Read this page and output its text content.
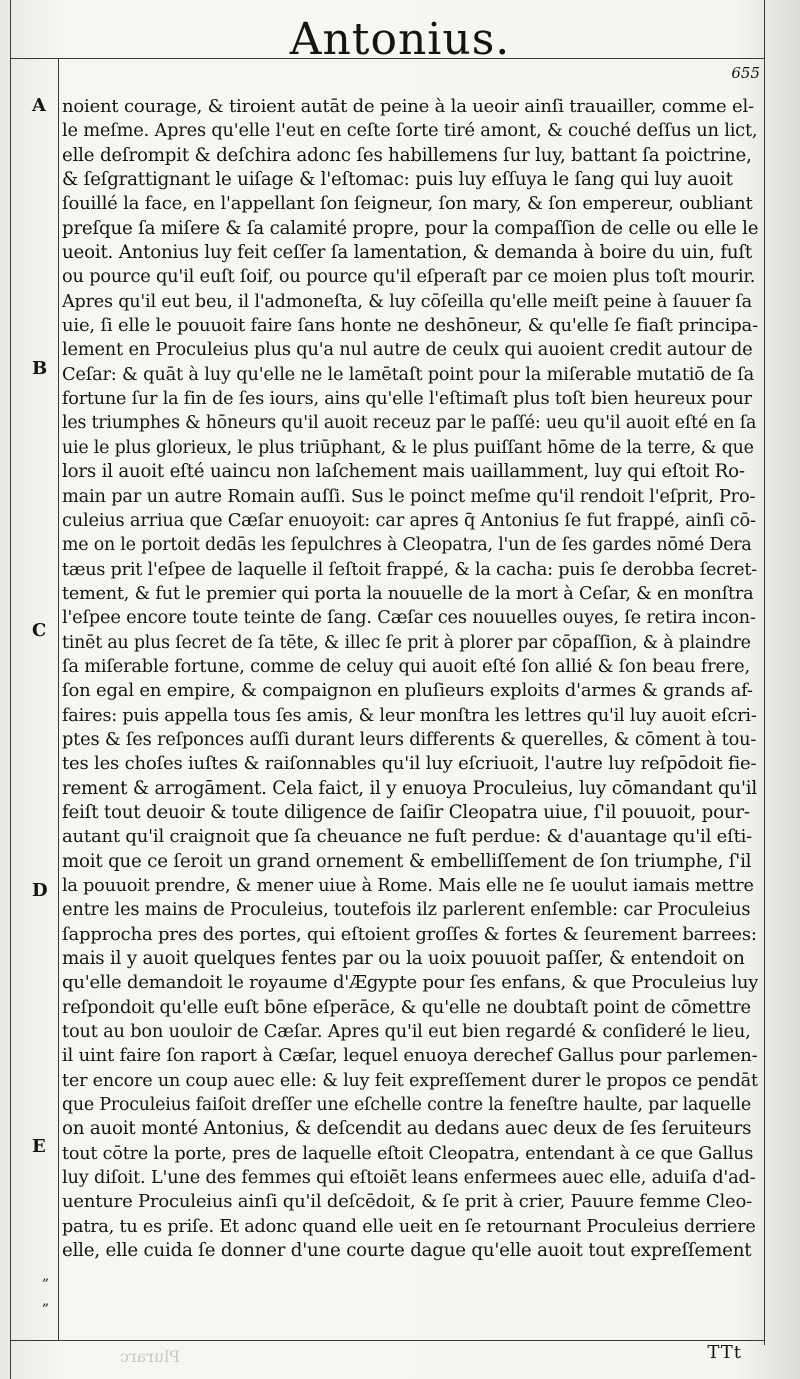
Antonius.
655
A
B
C
D
E
„
„
noient courage, & tiroient autāt de peine à la ueoir ainſi trauailler, comme el-
le meſme. Apres qu'elle l'eut en ceſte ſorte tiré amont, & couché deſſus un lict,
elle deſrompit & deſchira adonc ſes habillemens ſur luy, battant ſa poictrine,
& ſeſgrattignant le uiſage & l'eſtomac: puis luy eſſuya le ſang qui luy auoit
ſouillé la face, en l'appellant ſon ſeigneur, ſon mary, & ſon empereur, oubliant
preſque ſa miſere & ſa calamité propre, pour la compaſſion de celle ou elle le
ueoit. Antonius luy feit ceſſer ſa lamentation, & demanda à boire du uin, fuſt
ou pource qu'il euſt ſoif, ou pource qu'il eſperaſt par ce moien plus toſt mourir.
Apres qu'il eut beu, il l'admoneſta, & luy cōſeilla qu'elle meiſt peine à ſauuer ſa
uie, ſi elle le pouuoit faire ſans honte ne deshōneur, & qu'elle ſe fiaſt principa-
lement en Proculeius plus qu'a nul autre de ceulx qui auoient credit autour de
Ceſar: & quāt à luy qu'elle ne le lamētaſt point pour la miſerable mutatiō de ſa
fortune ſur la fin de ſes iours, ains qu'elle l'eſtimaſt plus toſt bien heureux pour
les triumphes & hōneurs qu'il auoit receuz par le paſſé: ueu qu'il auoit eſté en ſa
uie le plus glorieux, le plus triūphant, & le plus puiſſant hōme de la terre, & que
lors il auoit eſté uaincu non laſchement mais uaillamment, luy qui eſtoit Ro-
main par un autre Romain auſſi. Sus le poinct meſme qu'il rendoit l'eſprit, Pro-
culeius arriua que Cæſar enuoyoit: car apres q̄ Antonius ſe fut frappé, ainſi cō-
me on le portoit dedās les ſepulchres à Cleopatra, l'un de ſes gardes nōmé Dera
tæus prit l'eſpee de laquelle il ſeſtoit frappé, & la cacha: puis ſe derobba ſecret-
tement, & fut le premier qui porta la nouuelle de la mort à Ceſar, & en monſtra
l'eſpee encore toute teinte de ſang. Cæſar ces nouuelles ouyes, ſe retira incon-
tinēt au plus ſecret de ſa tēte, & illec ſe prit à plorer par cōpaſſion, & à plaindre
ſa miſerable fortune, comme de celuy qui auoit eſté ſon allié & ſon beau frere,
ſon egal en empire, & compaignon en pluſieurs exploits d'armes & grands af-
faires: puis appella tous ſes amis, & leur monſtra les lettres qu'il luy auoit eſcri-
ptes & ſes reſponces auſſi durant leurs differents & querelles, & cōment à tou-
tes les choſes iuſtes & raiſonnables qu'il luy eſcriuoit, l'autre luy reſpōdoit fie-
rement & arrogāment. Cela faict, il y enuoya Proculeius, luy cōmandant qu'il
feiſt tout deuoir & toute diligence de ſaiſir Cleopatra uiue, ſ'il pouuoit, pour-
autant qu'il craignoit que ſa cheuance ne fuſt perdue: & d'auantage qu'il eſti-
moit que ce ſeroit un grand ornement & embelliſſement de ſon triumphe, ſ'il
la pouuoit prendre, & mener uiue à Rome. Mais elle ne ſe uoulut iamais mettre
entre les mains de Proculeius, toutefois ilz parlerent enſemble: car Proculeius
ſapprocha pres des portes, qui eſtoient groſſes & fortes & ſeurement barrees:
mais il y auoit quelques fentes par ou la uoix pouuoit paſſer, & entendoit on
qu'elle demandoit le royaume d'Ægypte pour ſes enfans, & que Proculeius luy
reſpondoit qu'elle euſt bōne eſperāce, & qu'elle ne doubtaſt point de cōmettre
tout au bon uouloir de Cæſar. Apres qu'il eut bien regardé & conſideré le lieu,
il uint faire ſon raport à Cæſar, lequel enuoya derechef Gallus pour parlemen-
ter encore un coup auec elle: & luy feit expreſſement durer le propos ce pendāt
que Proculeius faiſoit dreſſer une eſchelle contre la feneſtre haulte, par laquelle
on auoit monté Antonius, & deſcendit au dedans auec deux de ſes ſeruiteurs
tout cōtre la porte, pres de laquelle eſtoit Cleopatra, entendant à ce que Gallus
luy diſoit. L'une des femmes qui eſtoiēt leans enfermees auec elle, aduiſa d'ad-
uenture Proculeius ainſi qu'il deſcēdoit, & ſe prit à crier, Pauure femme Cleo-
patra, tu es priſe. Et adonc quand elle ueit en ſe retournant Proculeius derriere
elle, elle cuida ſe donner d'une courte dague qu'elle auoit tout expreſſement
Plurarc	TTt
